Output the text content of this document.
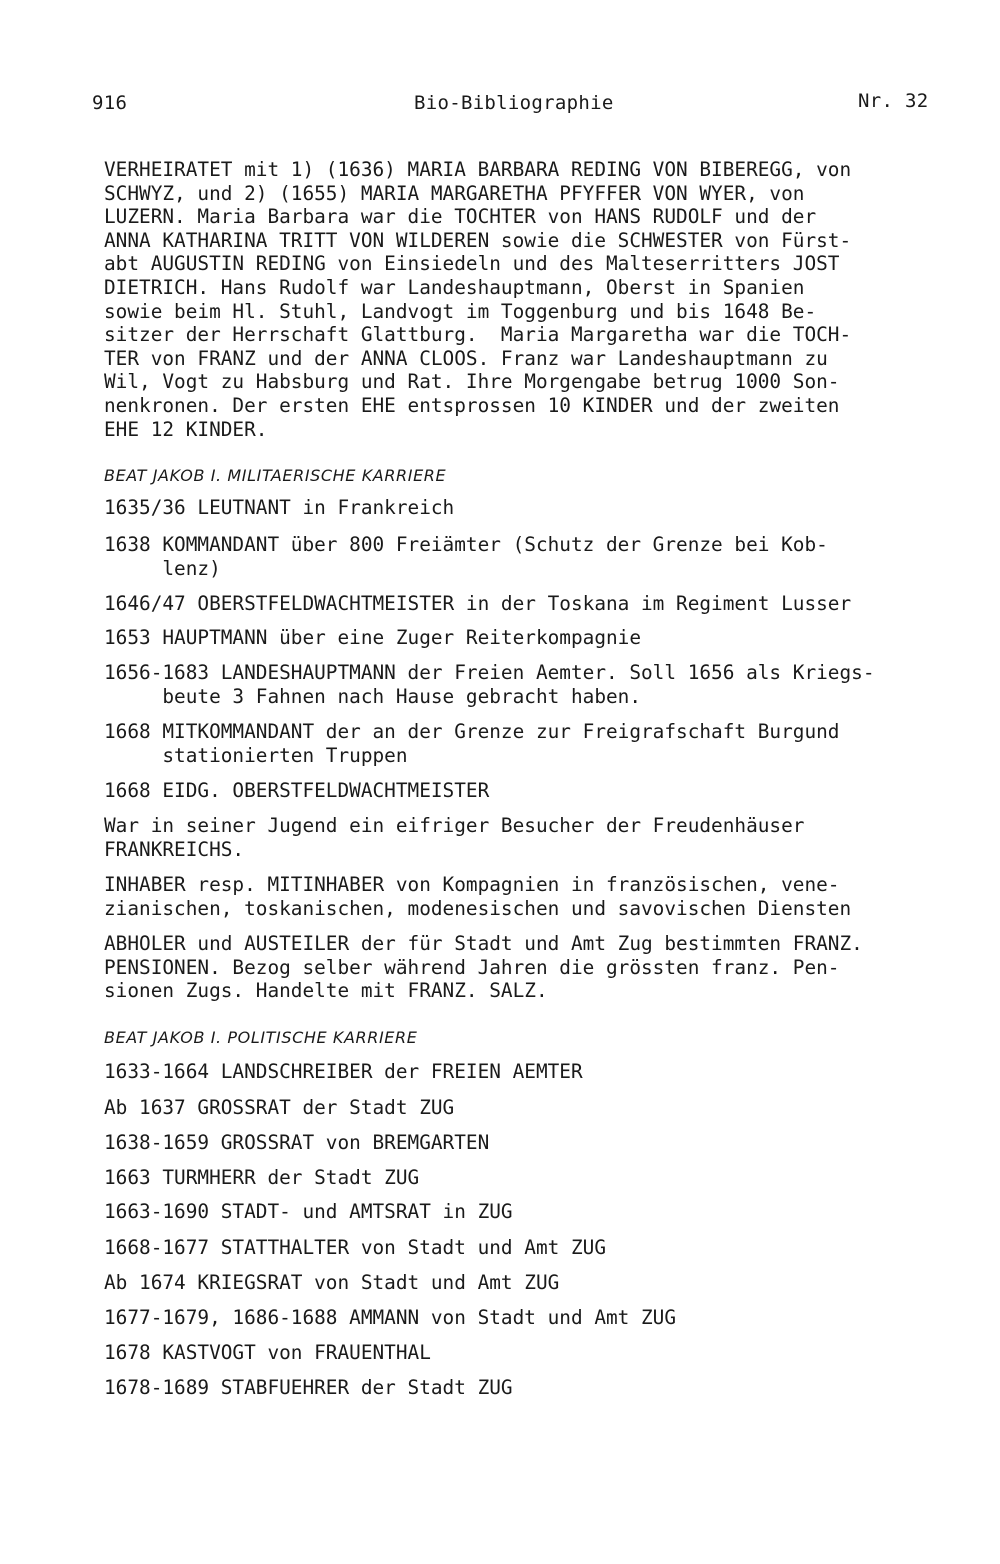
916	Bio-Bibliographie	Nr. 32

VERHEIRATET mit 1) (1636) MARIA BARBARA REDING VON BIBEREGG, von
SCHWYZ, und 2) (1655) MARIA MARGARETHA PFYFFER VON WYER, von
LUZERN. Maria Barbara war die TOCHTER von HANS RUDOLF und der
ANNA KATHARINA TRITT VON WILDEREN sowie die SCHWESTER von Fürst-
abt AUGUSTIN REDING von Einsiedeln und des Malteserritters JOST
DIETRICH. Hans Rudolf war Landeshauptmann, Oberst in Spanien
sowie beim Hl. Stuhl, Landvogt im Toggenburg und bis 1648 Be-
sitzer der Herrschaft Glattburg.  Maria Margaretha war die TOCH-
TER von FRANZ und der ANNA CLOOS. Franz war Landeshauptmann zu
Wil, Vogt zu Habsburg und Rat. Ihre Morgengabe betrug 1000 Son-
nenkronen. Der ersten EHE entsprossen 10 KINDER und der zweiten
EHE 12 KINDER.

BEAT JAKOB I. MILITAERISCHE KARRIERE

1635/36 LEUTNANT in Frankreich

1638 KOMMANDANT über 800 Freiämter (Schutz der Grenze bei Kob-
lenz)

1646/47 OBERSTFELDWACHTMEISTER in der Toskana im Regiment Lusser

1653 HAUPTMANN über eine Zuger Reiterkompagnie

1656-1683 LANDESHAUPTMANN der Freien Aemter. Soll 1656 als Kriegs-
beute 3 Fahnen nach Hause gebracht haben.

1668 MITKOMMANDANT der an der Grenze zur Freigrafschaft Burgund
stationierten Truppen

1668 EIDG. OBERSTFELDWACHTMEISTER

War in seiner Jugend ein eifriger Besucher der Freudenhäuser
FRANKREICHS.

INHABER resp. MITINHABER von Kompagnien in französischen, vene-
zianischen, toskanischen, modenesischen und savovischen Diensten

ABHOLER und AUSTEILER der für Stadt und Amt Zug bestimmten FRANZ.
PENSIONEN. Bezog selber während Jahren die grössten franz. Pen-
sionen Zugs. Handelte mit FRANZ. SALZ.

BEAT JAKOB I. POLITISCHE KARRIERE

1633-1664 LANDSCHREIBER der FREIEN AEMTER

Ab 1637 GROSSRAT der Stadt ZUG

1638-1659 GROSSRAT von BREMGARTEN

1663 TURMHERR der Stadt ZUG

1663-1690 STADT- und AMTSRAT in ZUG

1668-1677 STATTHALTER von Stadt und Amt ZUG

Ab 1674 KRIEGSRAT von Stadt und Amt ZUG

1677-1679, 1686-1688 AMMANN von Stadt und Amt ZUG

1678 KASTVOGT von FRAUENTHAL

1678-1689 STABFUEHRER der Stadt ZUG
